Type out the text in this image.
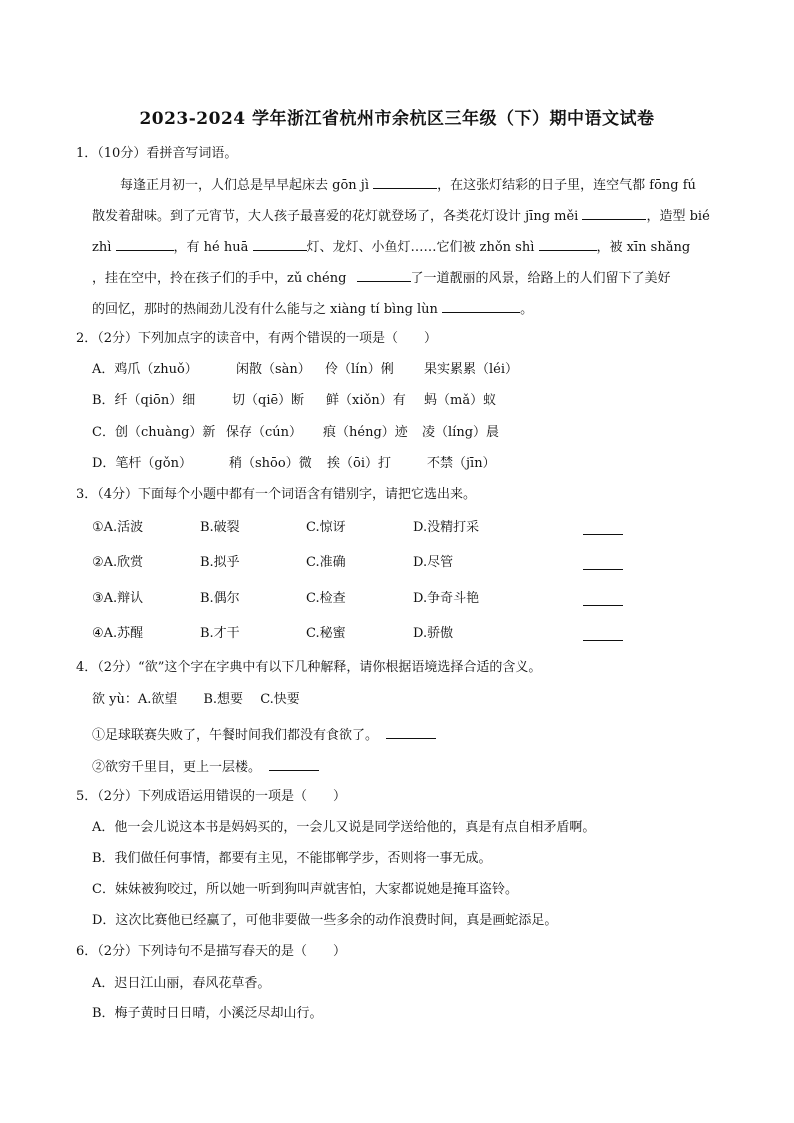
2023-2024 学年浙江省杭州市余杭区三年级（下）期中语文试卷
1．（10分）看拼音写词语。
每逢正月初一，人们总是早早起床去 gōn jì	，在这张灯结彩的日子里，连空气都 fōng fú
散发着甜味。到了元宵节，大人孩子最喜爱的花灯就登场了，各类花灯设计 jīng měi	，造型 bié
zhì	，有 hé huā	灯、龙灯、小鱼灯……它们被 zhǒn shì	，被 xīn shǎng
，挂在空中，拎在孩子们的手中，zǔ chéng	了一道靓丽的风景，给路上的人们留下了美好
的回忆，那时的热闹劲儿没有什么能与之 xiàng tí bìng lùn	。
2．（2分）下列加点字的读音中，有两个错误的一项是（　　）
A．鸡爪（zhuǒ）	闲散（sàn） 伶（lín）俐 果实累累（léi）
B．纤（qiōn）细	切（qiē）断 鲜（xiǒn）有 蚂（mǎ）蚁
C．创（chuàng）新 保存（cún） 痕（héng）迹 凌（líng）晨
D．笔杆（gǒn）	稍（shōo）微 挨（ōi）打	不禁（jīn）
3．（4分）下面每个小题中都有一个词语含有错别字，请把它选出来。
①A.活波	B.破裂	C.惊讶	D.没精打采
②A.欣赏	B.拟乎	C.准确	D.尽管
③A.辩认	B.偶尔	C.检查	D.争奇斗艳
④A.苏醒	B.才干	C.秘蜜	D.骄傲
4．（2分）“欲”这个字在字典中有以下几种解释，请你根据语境选择合适的含义。
欲 yù：A.欲望　　B.想要　 C.快要
①足球联赛失败了，午餐时间我们都没有食欲了。
②欲穷千里目，更上一层楼。
5．（2分）下列成语运用错误的一项是（　　）
A．他一会儿说这本书是妈妈买的，一会儿又说是同学送给他的，真是有点自相矛盾啊。
B．我们做任何事情，都要有主见，不能邯郸学步，否则将一事无成。
C．妹妹被狗咬过，所以她一听到狗叫声就害怕，大家都说她是掩耳盗铃。
D．这次比赛他已经赢了，可他非要做一些多余的动作浪费时间，真是画蛇添足。
6．（2分）下列诗句不是描写春天的是（　　）
A．迟日江山丽，春风花草香。
B．梅子黄时日日晴，小溪泛尽却山行。
